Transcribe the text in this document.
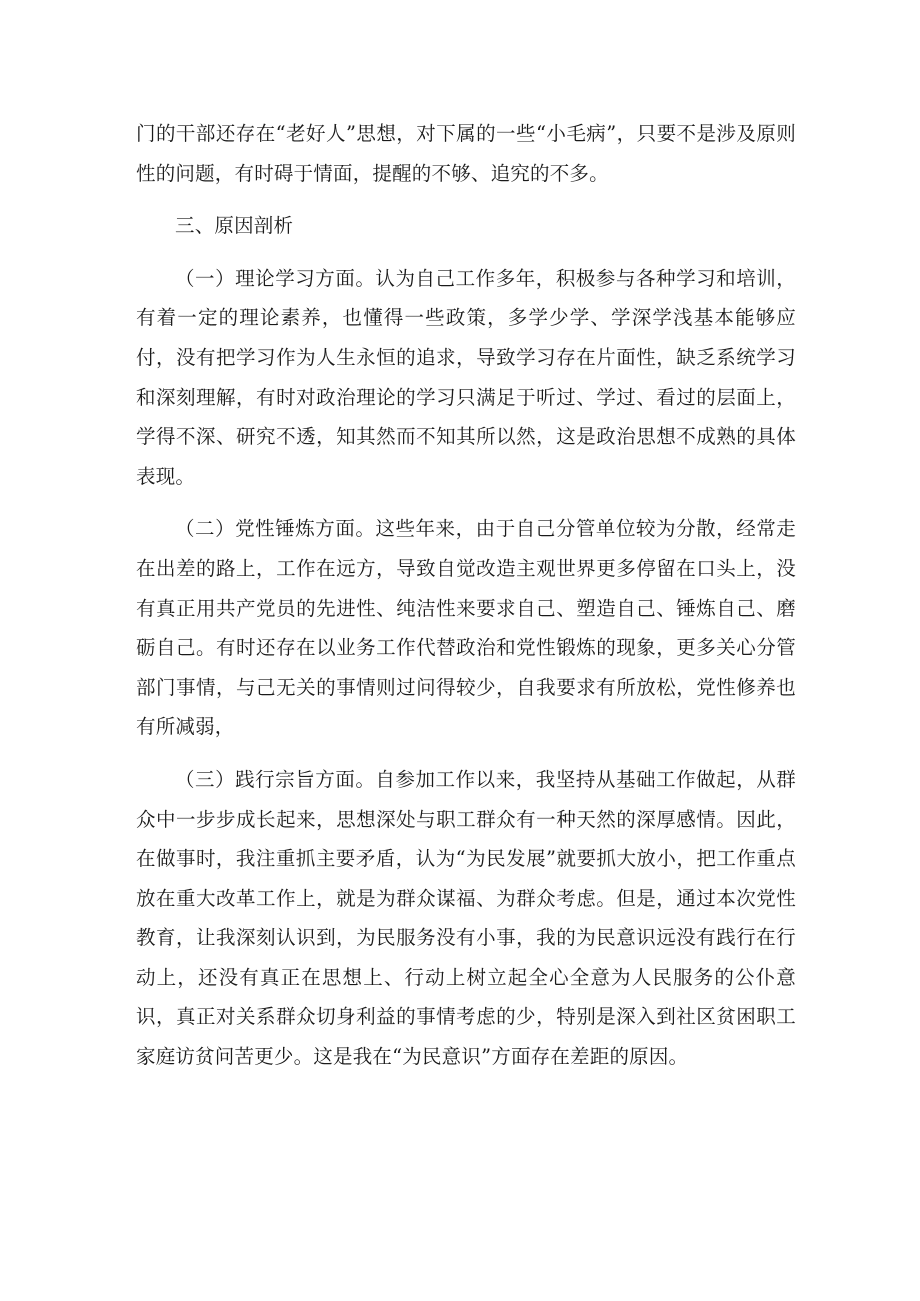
门的干部还存在“老好人”思想，对下属的一些“小毛病”，只要不是涉及原则性的问题，有时碍于情面，提醒的不够、追究的不多。

三、原因剖析

（一）理论学习方面。认为自己工作多年，积极参与各种学习和培训，有着一定的理论素养，也懂得一些政策，多学少学、学深学浅基本能够应付，没有把学习作为人生永恒的追求，导致学习存在片面性，缺乏系统学习和深刻理解，有时对政治理论的学习只满足于听过、学过、看过的层面上，学得不深、研究不透，知其然而不知其所以然，这是政治思想不成熟的具体表现。

（二）党性锤炼方面。这些年来，由于自己分管单位较为分散，经常走在出差的路上，工作在远方，导致自觉改造主观世界更多停留在口头上，没有真正用共产党员的先进性、纯洁性来要求自己、塑造自己、锤炼自己、磨砺自己。有时还存在以业务工作代替政治和党性锻炼的现象，更多关心分管部门事情，与己无关的事情则过问得较少，自我要求有所放松，党性修养也有所减弱，

（三）践行宗旨方面。自参加工作以来，我坚持从基础工作做起，从群众中一步步成长起来，思想深处与职工群众有一种天然的深厚感情。因此，在做事时，我注重抓主要矛盾，认为“为民发展”就要抓大放小，把工作重点放在重大改革工作上，就是为群众谋福、为群众考虑。但是，通过本次党性教育，让我深刻认识到，为民服务没有小事，我的为民意识远没有践行在行动上，还没有真正在思想上、行动上树立起全心全意为人民服务的公仆意识，真正对关系群众切身利益的事情考虑的少，特别是深入到社区贫困职工家庭访贫问苦更少。这是我在“为民意识”方面存在差距的原因。
